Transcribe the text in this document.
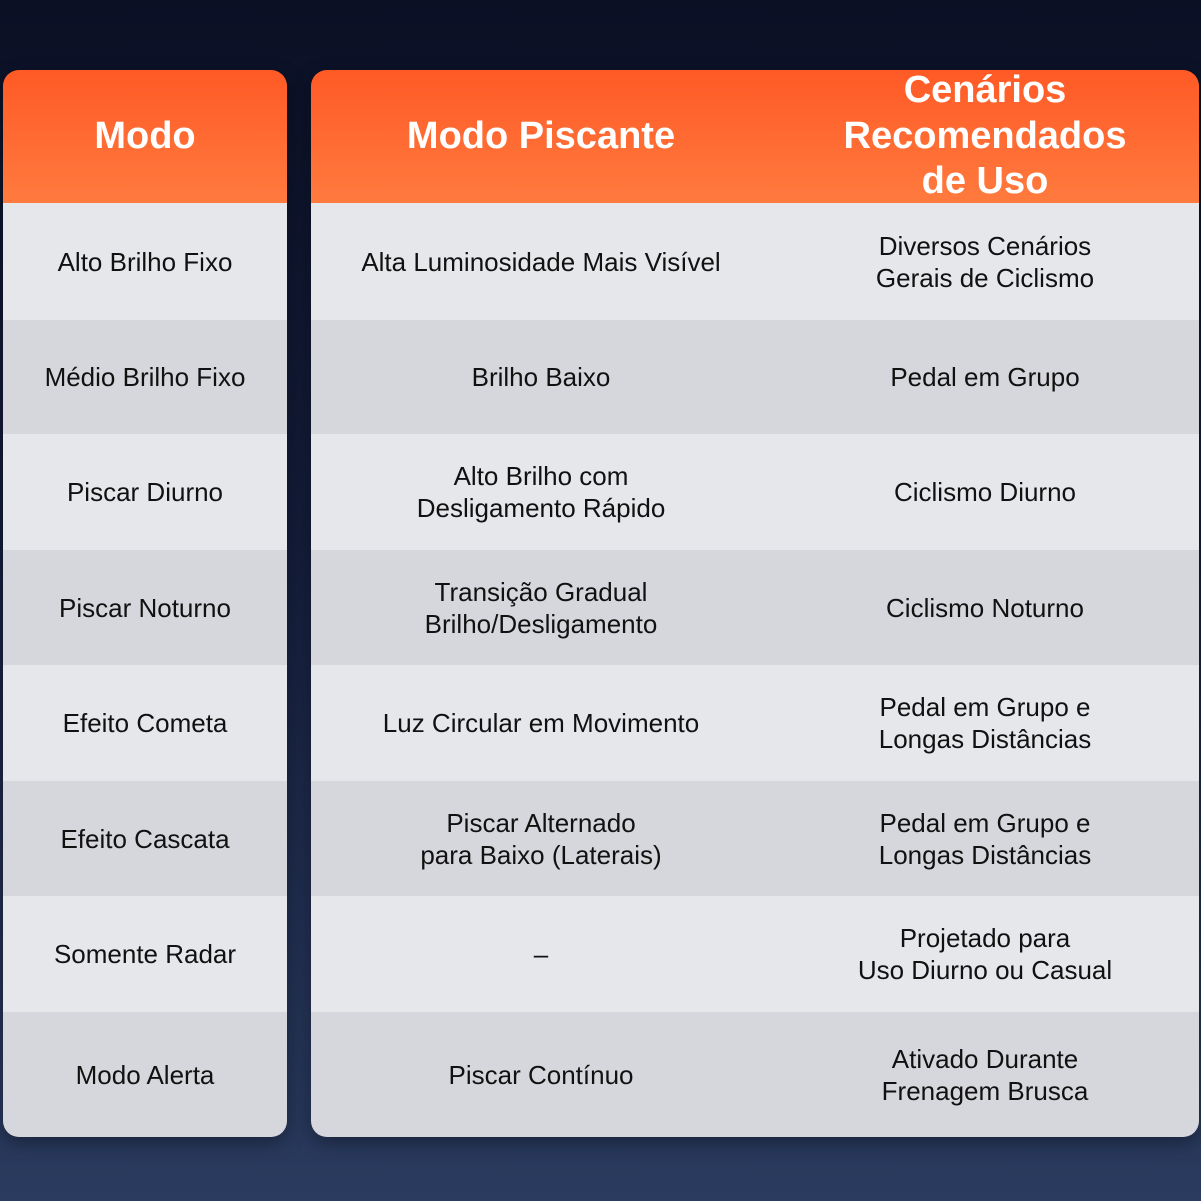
Modo
Alto Brilho Fixo
Médio Brilho Fixo
Piscar Diurno
Piscar Noturno
Efeito Cometa
Efeito Cascata
Somente Radar
Modo Alerta
Modo Piscante
Cenários Recomendados
de Uso
Alta Luminosidade Mais Visível
Diversos Cenários
Gerais de Ciclismo
Brilho Baixo	Pedal em Grupo
Alto Brilho com
Desligamento Rápido
Ciclismo Diurno
Transição Gradual
Brilho/Desligamento
Ciclismo Noturno
Luz Circular em Movimento
Pedal em Grupo e
Longas Distâncias
Piscar Alternado
para Baixo (Laterais)
Pedal em Grupo e
Longas Distâncias
–
Projetado para
Uso Diurno ou Casual
Piscar Contínuo
Ativado Durante
Frenagem Brusca
